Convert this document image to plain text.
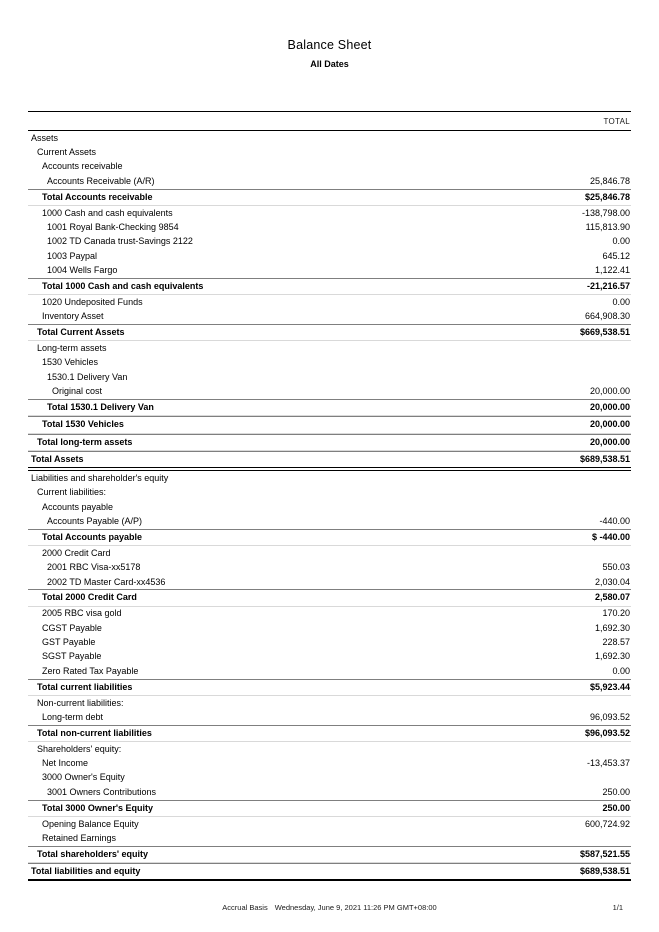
Balance Sheet
All Dates
TOTAL
Assets
Current Assets
Accounts receivable
Accounts Receivable (A/R)	25,846.78
Total Accounts receivable	$25,846.78
1000 Cash and cash equivalents	-138,798.00
1001 Royal Bank-Checking 9854	115,813.90
1002 TD Canada trust-Savings 2122	0.00
1003 Paypal	645.12
1004 Wells Fargo	1,122.41
Total 1000 Cash and cash equivalents	-21,216.57
1020 Undeposited Funds	0.00
Inventory Asset	664,908.30
Total Current Assets	$669,538.51
Long-term assets
1530 Vehicles
1530.1 Delivery Van
Original cost	20,000.00
Total 1530.1 Delivery Van	20,000.00
Total 1530 Vehicles	20,000.00
Total long-term assets	20,000.00
Total Assets	$689,538.51
Liabilities and shareholder's equity
Current liabilities:
Accounts payable
Accounts Payable (A/P)	-440.00
Total Accounts payable	$ -440.00
2000 Credit Card
2001 RBC Visa-xx5178	550.03
2002 TD Master Card-xx4536	2,030.04
Total 2000 Credit Card	2,580.07
2005 RBC visa gold	170.20
CGST Payable	1,692.30
GST Payable	228.57
SGST Payable	1,692.30
Zero Rated Tax Payable	0.00
Total current liabilities	$5,923.44
Non-current liabilities:
Long-term debt	96,093.52
Total non-current liabilities	$96,093.52
Shareholders' equity:
Net Income	-13,453.37
3000 Owner's Equity
3001 Owners Contributions	250.00
Total 3000 Owner's Equity	250.00
Opening Balance Equity	600,724.92
Retained Earnings
Total shareholders' equity	$587,521.55
Total liabilities and equity	$689,538.51
Accrual Basis Wednesday, June 9, 2021 11:26 PM GMT+08:00	1/1
